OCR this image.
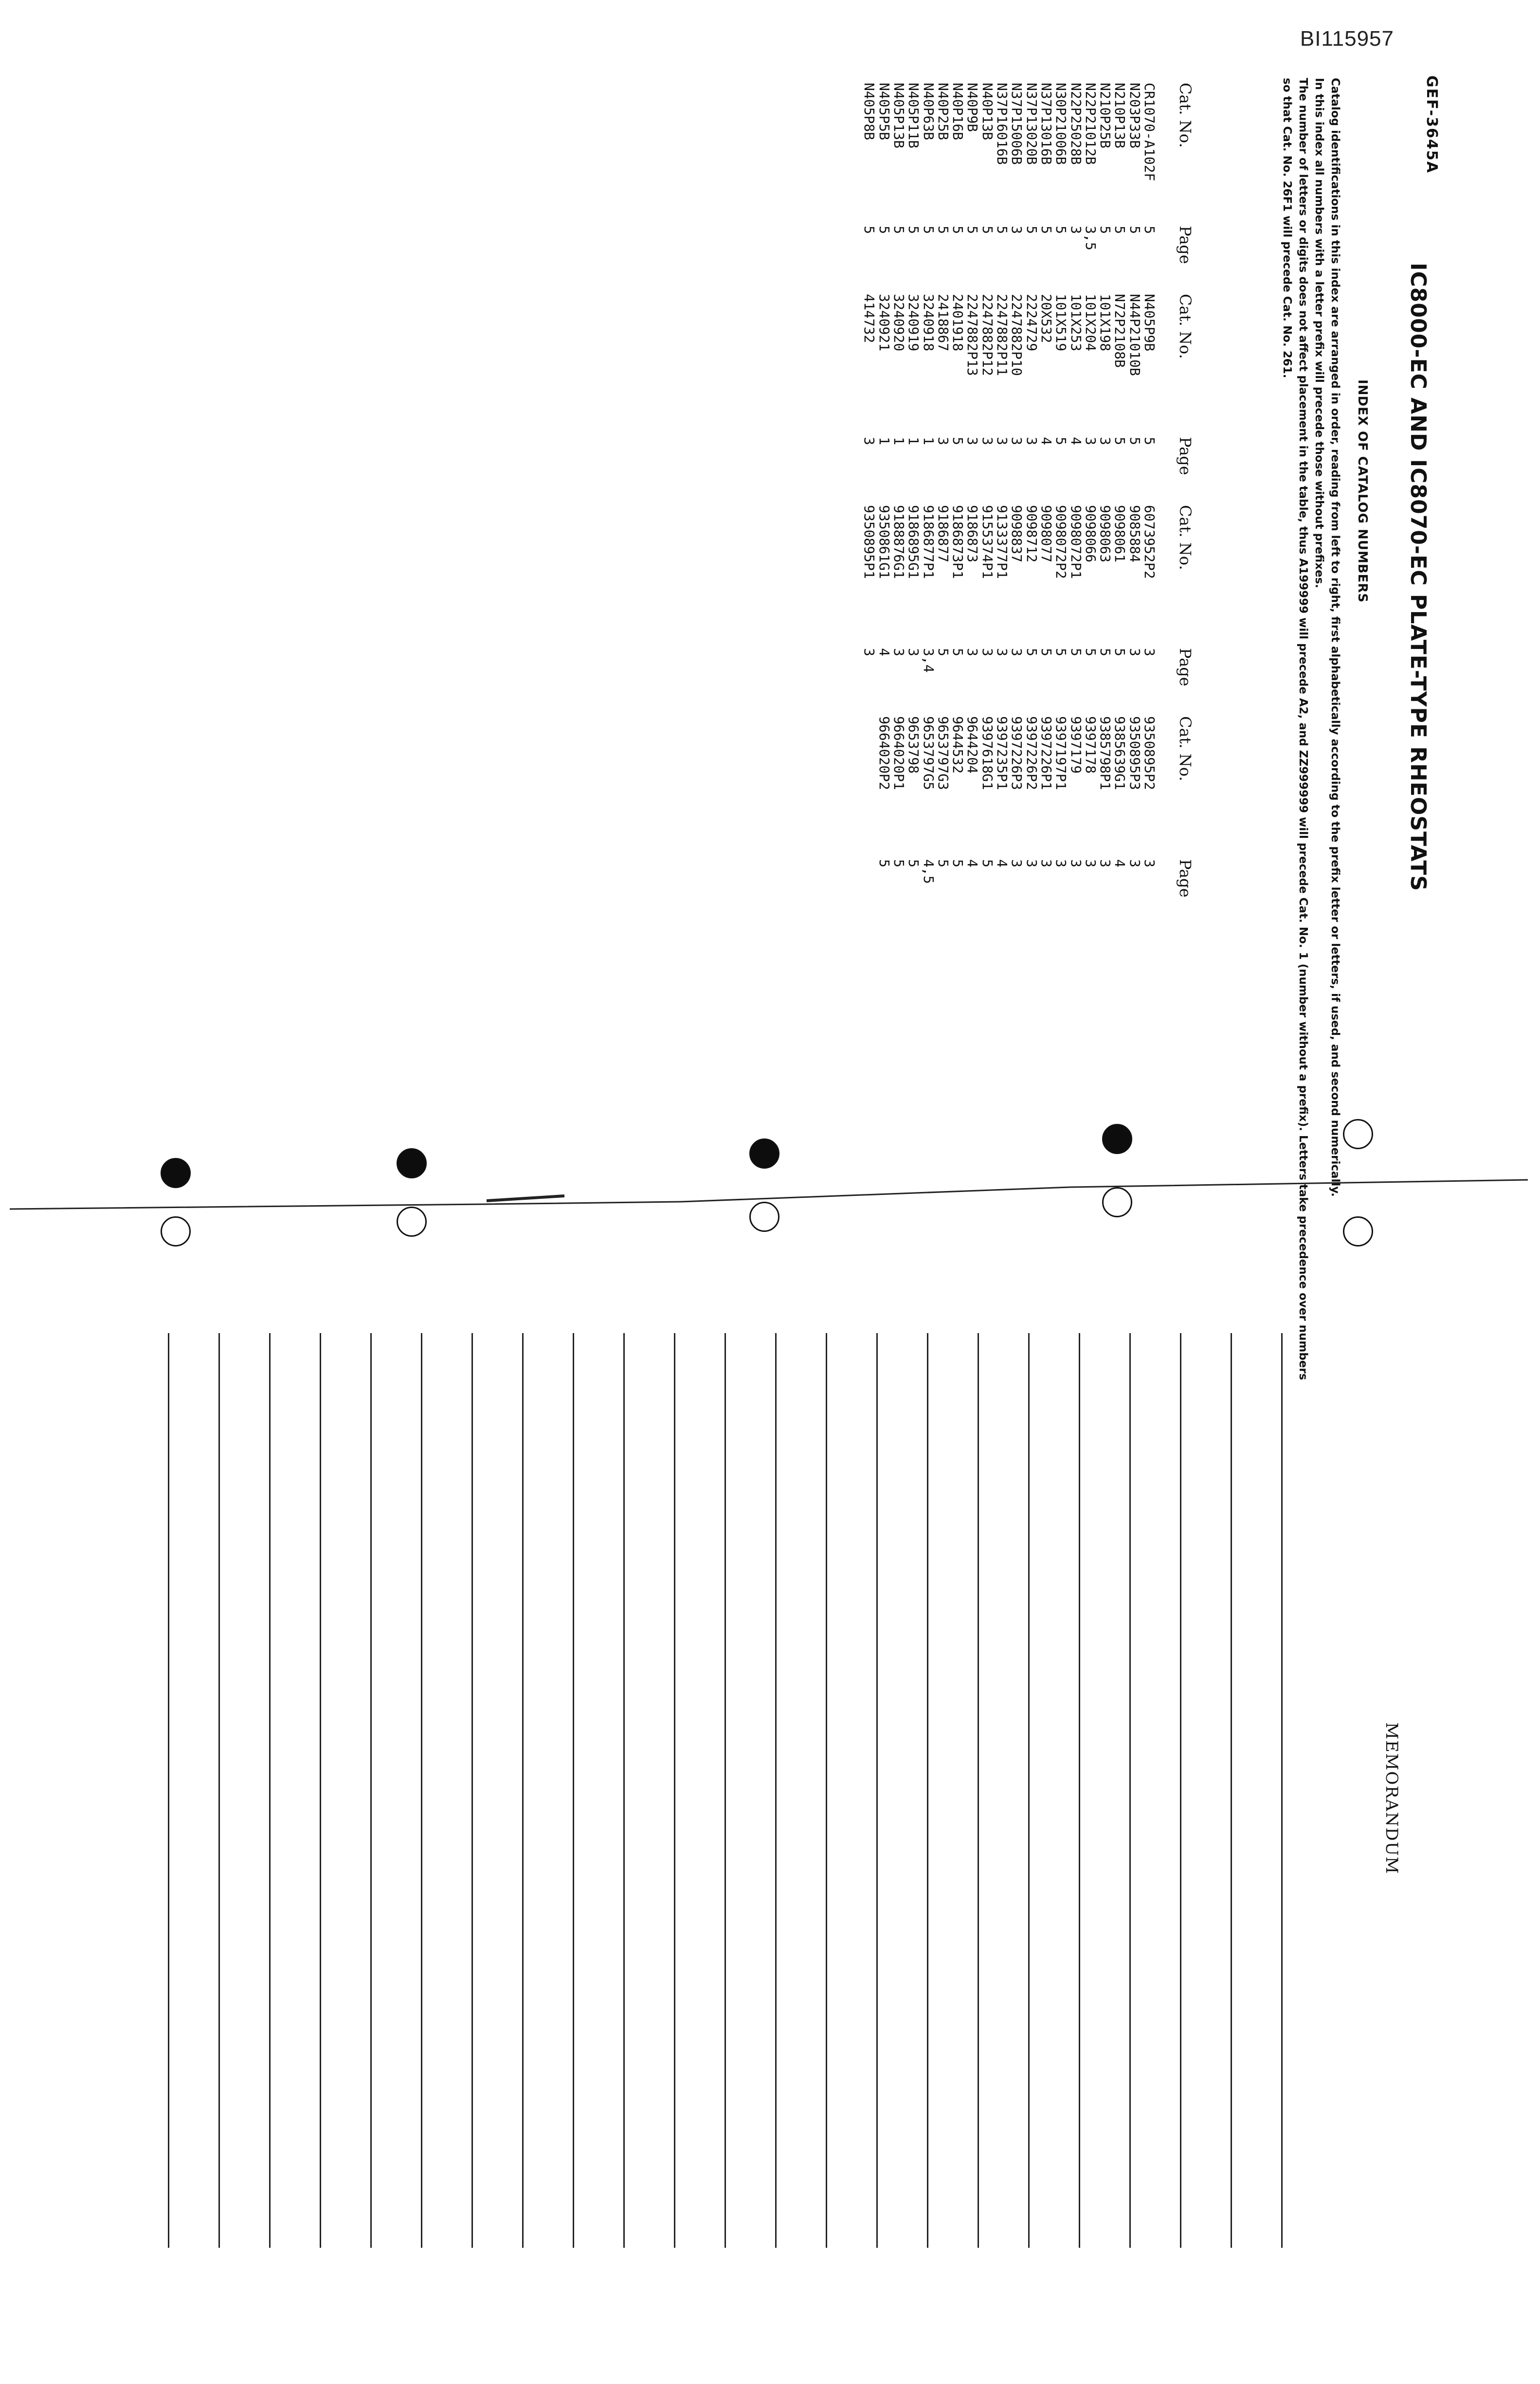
BI115957
GEF-3645A
IC8000-EC AND IC8070-EC PLATE-TYPE RHEOSTATS
INDEX OF CATALOG NUMBERS

Catalog identifications in this index are arranged in order, reading from left to right, first alphabetically according to the prefix letter or letters, if used, and second numerically.

In this index all numbers with a letter prefix will precede those without prefixes.

The number of letters or digits does not affect placement in the table, thus A199999 will precede A2, and ZZ999999 will precede Cat. No. 1 (number without a prefix). Letters take precedence over numbers so that Cat. No. 26F1 will precede Cat. No. 261.

Cat. No.
CR1070-A102F
N203P33B
N210P13B
N210P25B
N22P21012B
N22P25028B
N30P21006B
N37P13016B
N37P13020B
N37P15006B
N37P16016B
N40P13B
N40P9B
N40P16B
N40P25B
N40P63B
N405P11B
N405P13B
N405P5B
N405P8B
Page
5
5
5
5
3,5
3
5
5
5
3
5
5
5
5
5
5
5
5
5
5
Cat. No.
N405P9B
N44P21010B
N72P2108B
101X198
101X204
101X253
101X519
20X532
2224729
2247882P10
2247882P11
2247882P12
2247882P13
2401918
2418867
3240918
3240919
3240920
3240921
414732
Page
5
5
5
3
3
4
5
4
3
3
3
3
3
5
3
1
1
1
1
3
Cat. No.
6073952P2
9085884
9098061
9098063
9098066
9098072P1
9098072P2
9098077
9098712
9098837
9133377P1
9155374P1
9186873
9186873P1
9186877
9186877P1
9186895G1
9188876G1
9350861G1
9350895P1
Page
3
3
5
5
5
5
5
5
5
3
3
3
3
5
5
3,4
3
3
4
3
Cat. No.
9350895P2
9350895P3
9385639G1
9385798P1
9397178
9397179
9397197P1
9397226P1
9397226P2
9397226P3
9397235P1
9397618G1
9644204
9644532
9653797G3
9653797G5
9653798
9664020P1
9664020P2
Page
3
3
4
3
3
3
3
3
3
3
4
5
4
5
5
4,5
5
5
5
MEMORANDUM
